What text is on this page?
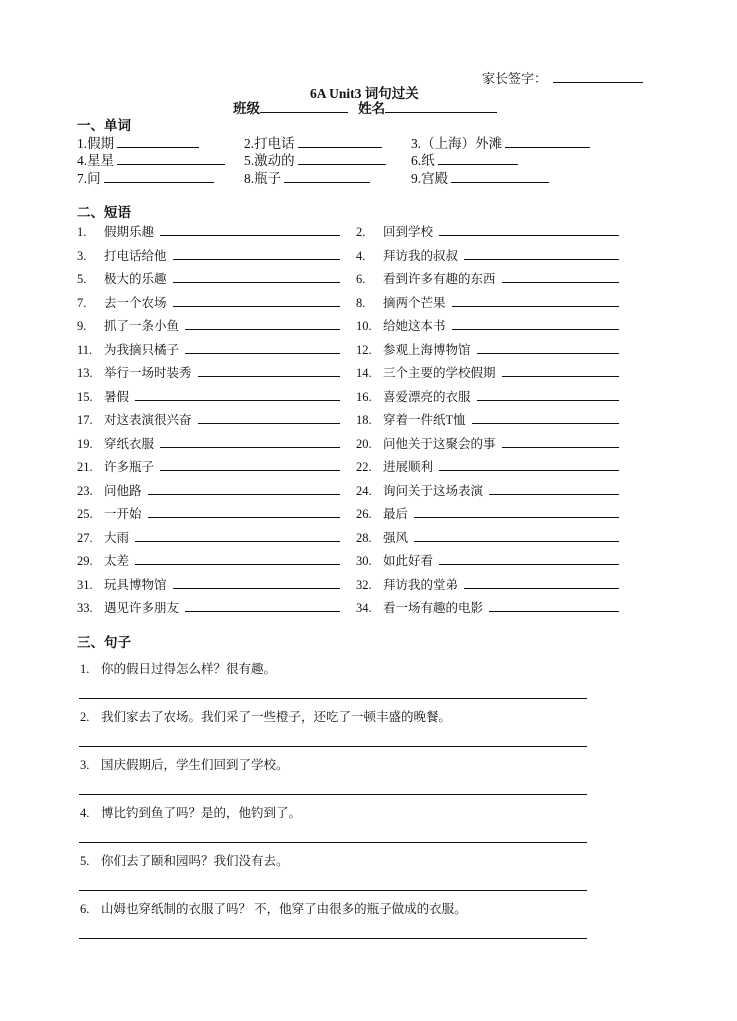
家长签字：
6A Unit3 词句过关
班级	姓名
一、单词
1.假期	2.打电话	3.（上海）外滩
4.星星	5.激动的	6.纸
7.问	8.瓶子	9.宫殿
二、短语
1. 假期乐趣	2. 回到学校
3. 打电话给他	4. 拜访我的叔叔
5. 极大的乐趣	6. 看到许多有趣的东西
7. 去一个农场	8. 摘两个芒果
9. 抓了一条小鱼	10. 给她这本书
11. 为我摘只橘子	12. 参观上海博物馆
13. 举行一场时装秀	14. 三个主要的学校假期
15. 暑假	16. 喜爱漂亮的衣服
17. 对这表演很兴奋	18. 穿着一件纸T恤
19. 穿纸衣服	20. 问他关于这聚会的事
21. 许多瓶子	22. 进展顺利
23. 问他路	24. 询问关于这场表演
25. 一开始	26. 最后
27. 大雨	28. 强风
29. 太差	30. 如此好看
31. 玩具博物馆	32. 拜访我的堂弟
33. 遇见许多朋友	34. 看一场有趣的电影
三、句子
1. 你的假日过得怎么样？很有趣。
2. 我们家去了农场。我们采了一些橙子，还吃了一顿丰盛的晚餐。
3. 国庆假期后，学生们回到了学校。
4. 博比钓到鱼了吗？是的，他钓到了。
5. 你们去了颐和园吗？我们没有去。
6. 山姆也穿纸制的衣服了吗？ 不，他穿了由很多的瓶子做成的衣服。
